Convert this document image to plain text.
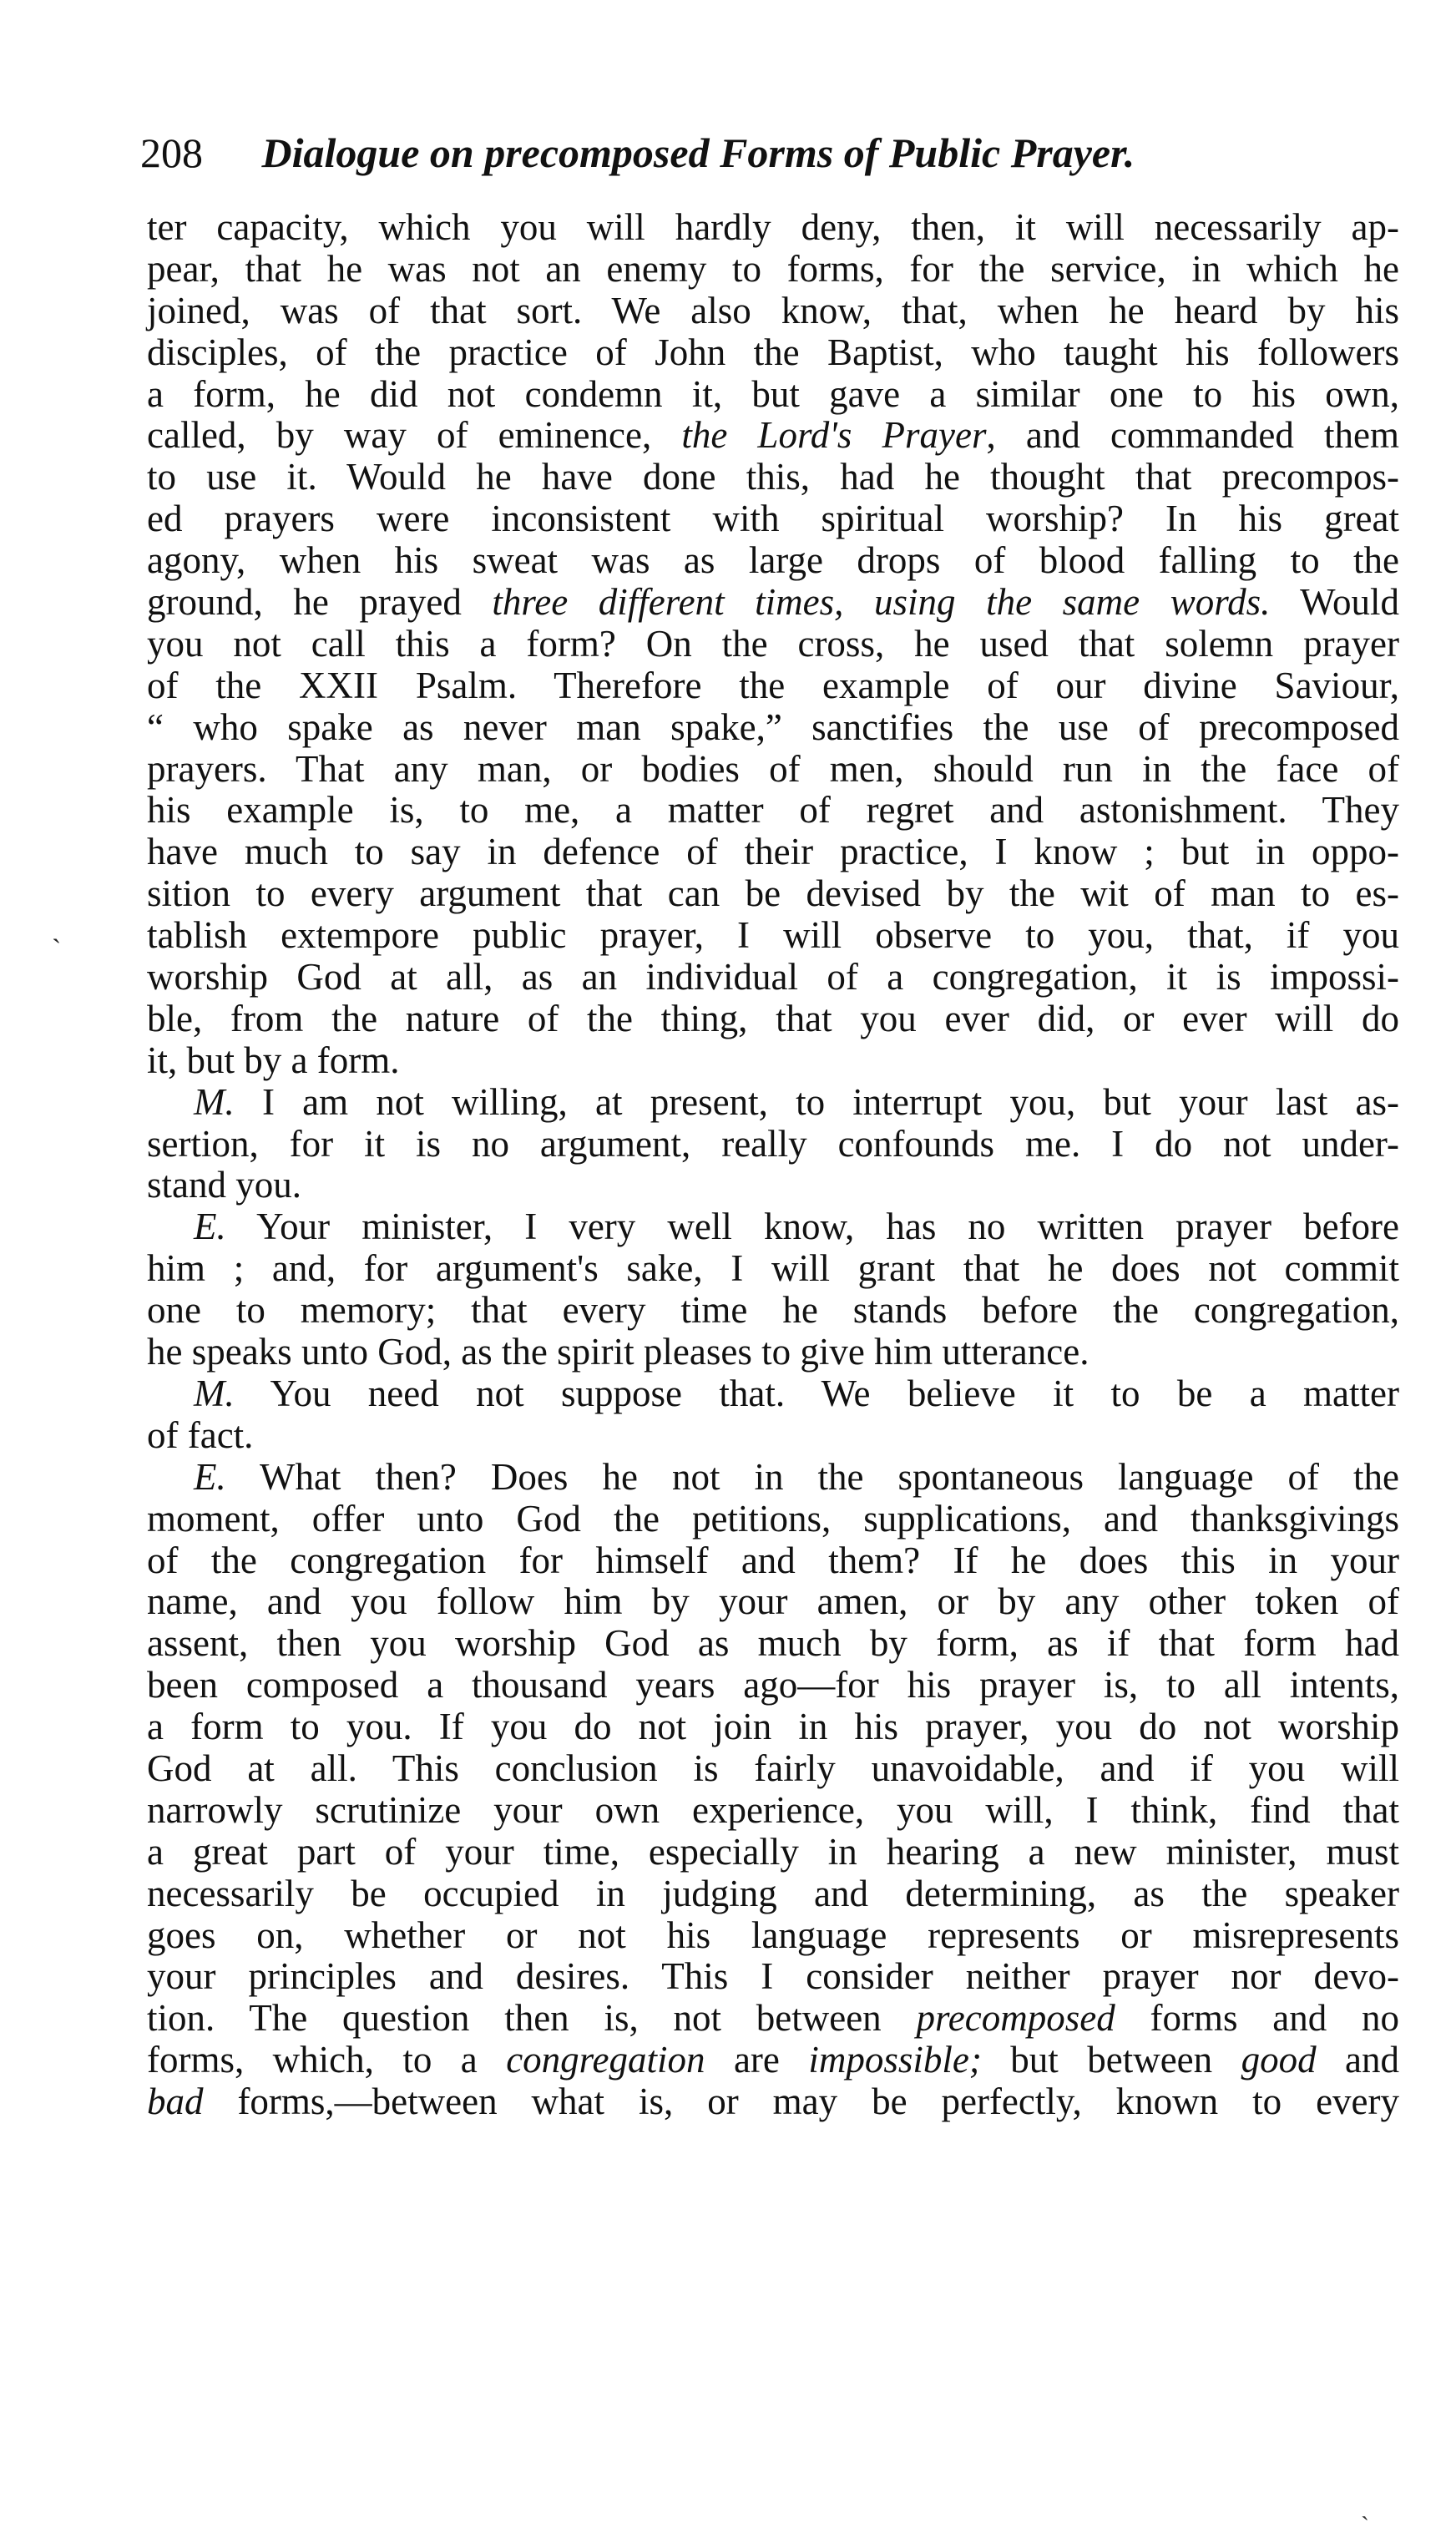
208 Dialogue on precomposed Forms of Public Prayer.
ˎ
ter capacity, which you will hardly deny, then, it will necessarily ap-
pear, that he was not an enemy to forms, for the service, in which he
joined, was of that sort. We also know, that, when he heard by his
disciples, of the practice of John the Baptist, who taught his followers
a form, he did not condemn it, but gave a similar one to his own,
called, by way of eminence, the Lord's Prayer, and commanded them
to use it. Would he have done this, had he thought that precompos-
ed prayers were inconsistent with spiritual worship? In his great
agony, when his sweat was as large drops of blood falling to the
ground, he prayed three different times, using the same words. Would
you not call this a form? On the cross, he used that solemn prayer
of the XXII Psalm. Therefore the example of our divine Saviour,
“ who spake as never man spake,” sanctifies the use of precomposed
prayers. That any man, or bodies of men, should run in the face of
his example is, to me, a matter of regret and astonishment. They
have much to say in defence of their practice, I know ; but in oppo-
sition to every argument that can be devised by the wit of man to es-
tablish extempore public prayer, I will observe to you, that, if you
worship God at all, as an individual of a congregation, it is impossi-
ble, from the nature of the thing, that you ever did, or ever will do
it, but by a form.
M. I am not willing, at present, to interrupt you, but your last as-
sertion, for it is no argument, really confounds me. I do not under-
stand you.
E. Your minister, I very well know, has no written prayer before
him ; and, for argument's sake, I will grant that he does not commit
one to memory; that every time he stands before the congregation,
he speaks unto God, as the spirit pleases to give him utterance.
M. You need not suppose that. We believe it to be a matter
of fact.
E. What then? Does he not in the spontaneous language of the
moment, offer unto God the petitions, supplications, and thanksgivings
of the congregation for himself and them? If he does this in your
name, and you follow him by your amen, or by any other token of
assent, then you worship God as much by form, as if that form had
been composed a thousand years ago—for his prayer is, to all intents,
a form to you. If you do not join in his prayer, you do not worship
God at all. This conclusion is fairly unavoidable, and if you will
narrowly scrutinize your own experience, you will, I think, find that
a great part of your time, especially in hearing a new minister, must
necessarily be occupied in judging and determining, as the speaker
goes on, whether or not his language represents or misrepresents
your principles and desires. This I consider neither prayer nor devo-
tion. The question then is, not between precomposed forms and no
forms, which, to a congregation are impossible; but between good and
bad forms,—between what is, or may be perfectly, known to every
ˏ
